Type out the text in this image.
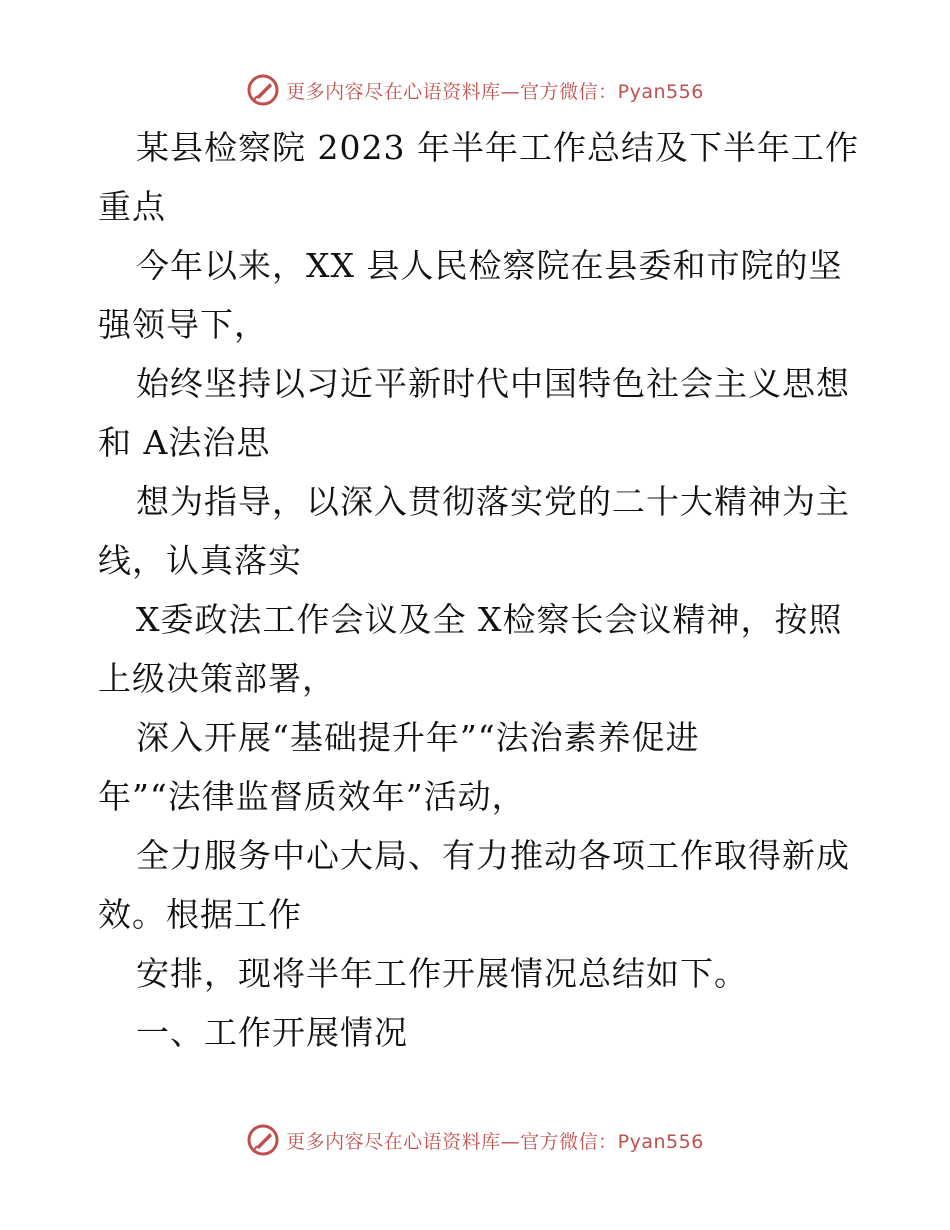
更多内容尽在心语资料库—官方微信：Pyan556
某县检察院 2023 年半年工作总结及下半年工作
重点
今年以来，XX 县人民检察院在县委和市院的坚
强领导下，
始终坚持以习近平新时代中国特色社会主义思想
和 A法治思
想为指导，以深入贯彻落实党的二十大精神为主
线，认真落实
X委政法工作会议及全 X检察长会议精神，按照
上级决策部署，
深入开展“基础提升年”“法治素养促进
年”“法律监督质效年”活动，
全力服务中心大局、有力推动各项工作取得新成
效。根据工作
安排，现将半年工作开展情况总结如下。
一、工作开展情况
更多内容尽在心语资料库—官方微信：Pyan556
